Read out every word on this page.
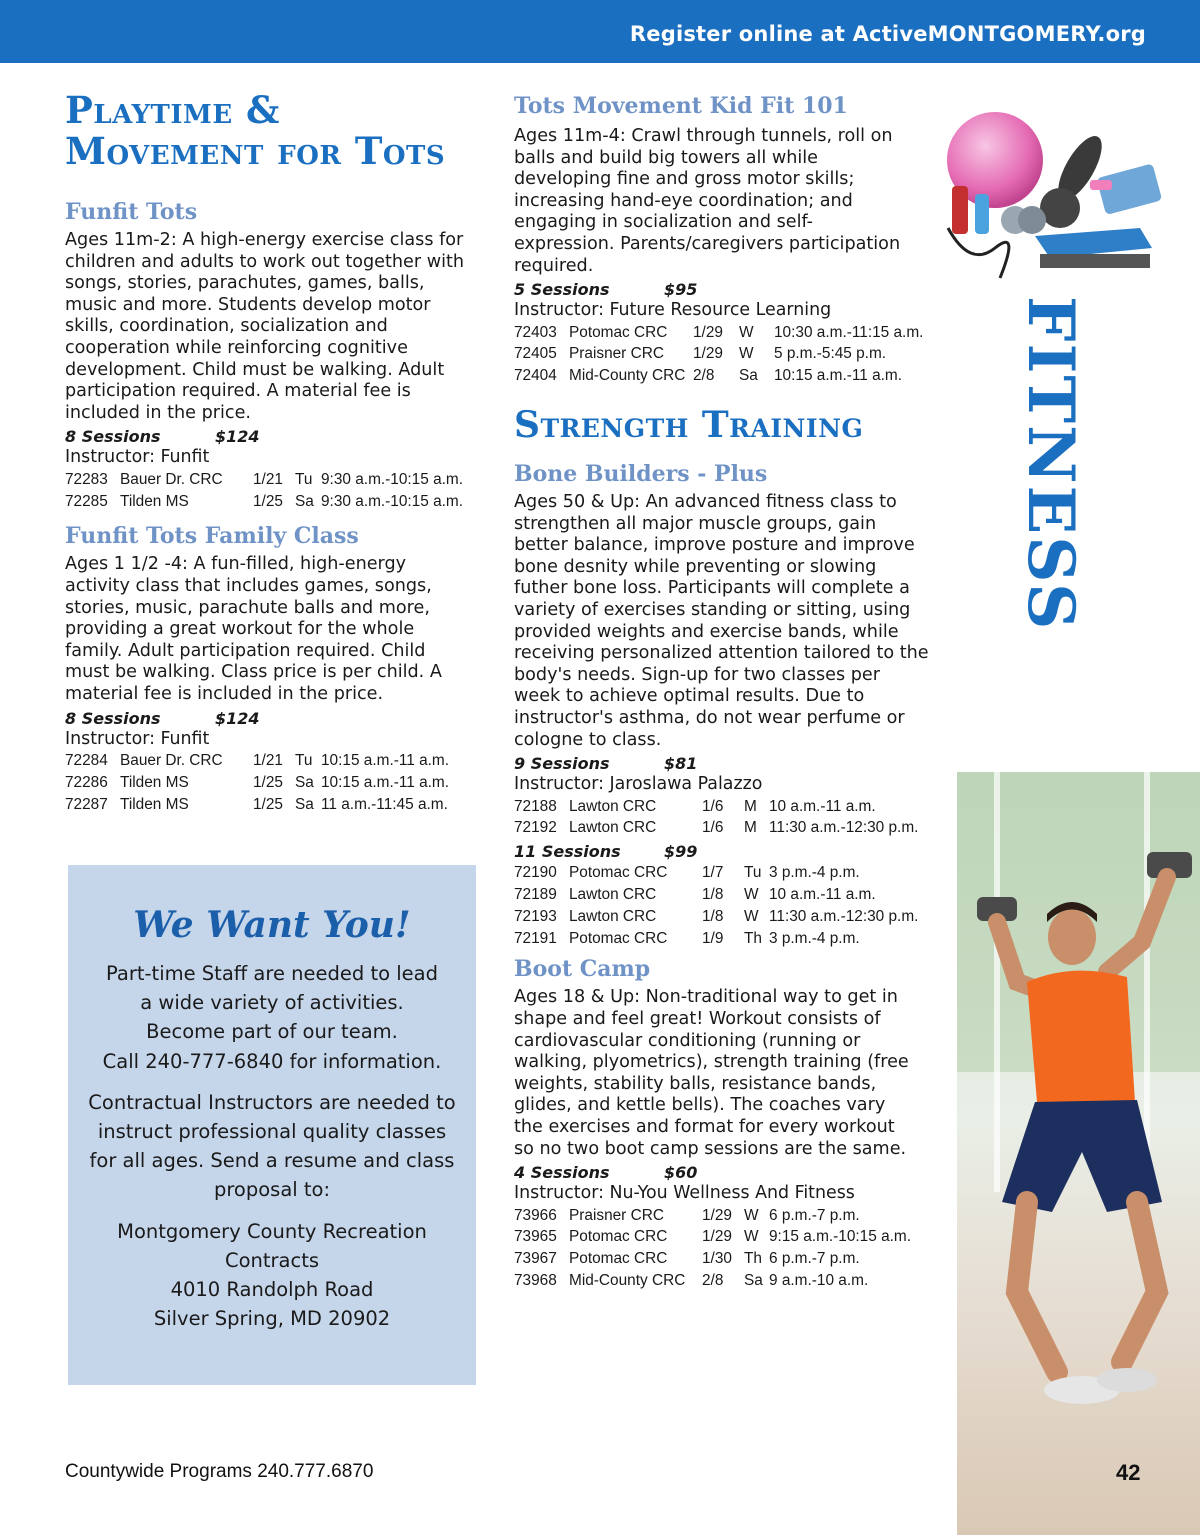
Register online at ActiveMONTGOMERY.org
Playtime &
Movement for Tots
Funfit Tots

Ages 11m-2: A high-energy exercise class for children and adults to work out together with songs, stories, parachutes, games, balls, music and more. Students develop motor skills, coordination, socialization and cooperation while reinforcing cognitive development. Child must be walking. Adult participation required. A material fee is included in the price.

8 Sessions	$124
Instructor: Funfit
72283	Bauer Dr. CRC	1/21	Tu	9:30 a.m.-10:15 a.m.
72285	Tilden MS	1/25	Sa	9:30 a.m.-10:15 a.m.
Funfit Tots Family Class

Ages 1 1/2 -4: A fun-filled, high-energy activity class that includes games, songs, stories, music, parachute balls and more, providing a great workout for the whole family. Adult participation required. Child must be walking. Class price is per child. A material fee is included in the price.

8 Sessions	$124
Instructor: Funfit
72284	Bauer Dr. CRC	1/21	Tu	10:15 a.m.-11 a.m.
72286	Tilden MS	1/25	Sa	10:15 a.m.-11 a.m.
72287	Tilden MS	1/25	Sa	11 a.m.-11:45 a.m.
We Want You!

Part-time Staff are needed to lead

a wide variety of activities.

Become part of our team.

Call 240-777-6840 for information.

Contractual Instructors are needed to

instruct professional quality classes

for all ages. Send a resume and class

proposal to:

Montgomery County Recreation

Contracts

4010 Randolph Road

Silver Spring, MD 20902

Tots Movement Kid Fit 101

Ages 11m-4: Crawl through tunnels, roll on balls and build big towers all while developing fine and gross motor skills; increasing hand-eye coordination; and engaging in socialization and self-expression. Parents/caregivers participation required.

5 Sessions	$95
Instructor: Future Resource Learning
72403	Potomac CRC	1/29	W	10:30 a.m.-11:15 a.m.
72405	Praisner CRC	1/29	W	5 p.m.-5:45 p.m.
72404	Mid-County CRC	2/8	Sa	10:15 a.m.-11 a.m.
Strength Training
Bone Builders - Plus

Ages 50 & Up: An advanced fitness class to strengthen all major muscle groups, gain better balance, improve posture and improve bone desnity while preventing or slowing futher bone loss. Participants will complete a variety of exercises standing or sitting, using provided weights and exercise bands, while receiving personalized attention tailored to the body's needs. Sign-up for two classes per week to achieve optimal results. Due to instructor's asthma, do not wear perfume or cologne to class.

9 Sessions	$81
Instructor: Jaroslawa Palazzo
72188	Lawton CRC	1/6	M	10 a.m.-11 a.m.
72192	Lawton CRC	1/6	M	11:30 a.m.-12:30 p.m.
11 Sessions	$99
72190	Potomac CRC	1/7	Tu	3 p.m.-4 p.m.
72189	Lawton CRC	1/8	W	10 a.m.-11 a.m.
72193	Lawton CRC	1/8	W	11:30 a.m.-12:30 p.m.
72191	Potomac CRC	1/9	Th	3 p.m.-4 p.m.
Boot Camp

Ages 18 & Up: Non-traditional way to get in shape and feel great! Workout consists of cardiovascular conditioning (running or walking, plyometrics), strength training (free weights, stability balls, resistance bands, glides, and kettle bells). The coaches vary the exercises and format for every workout so no two boot camp sessions are the same.

4 Sessions	$60
Instructor: Nu-You Wellness And Fitness
73966	Praisner CRC	1/29	W	6 p.m.-7 p.m.
73965	Potomac CRC	1/29	W	9:15 a.m.-10:15 a.m.
73967	Potomac CRC	1/30	Th	6 p.m.-7 p.m.
73968	Mid-County CRC	2/8	Sa	9 a.m.-10 a.m.
FITNESS
Countywide Programs 240.777.6870	42
